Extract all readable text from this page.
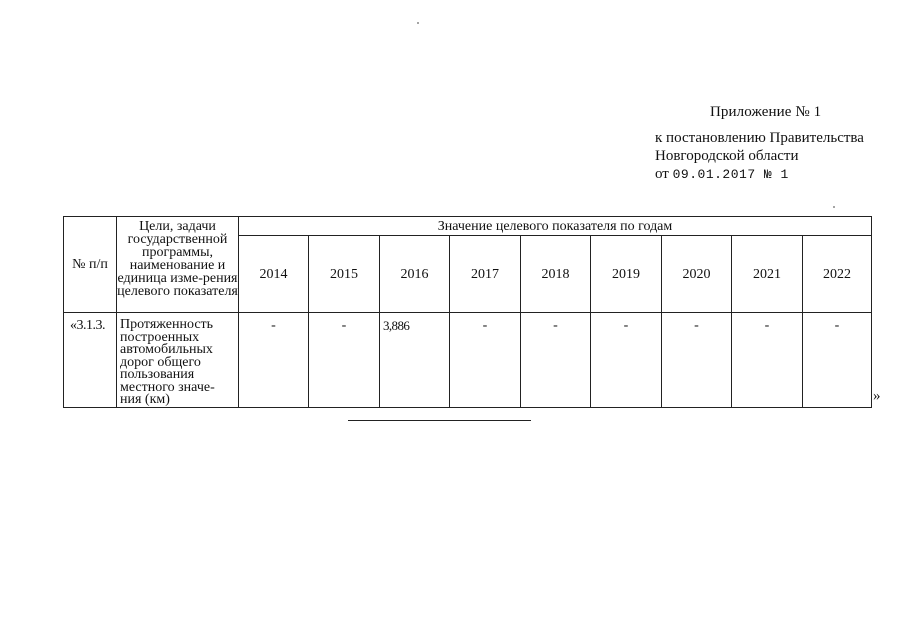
Приложение № 1
к постановлению Правительства
Новгородской области
от 09.01.2017 № 1
№ п/п	Цели, задачи государственной программы, наименование и единица изме-рения целевого показателя	Значение целевого показателя по годам								
		2014	2015	2016	2017	2018	2019	2020	2021	2022
«3.1.3.	Протяженность построенных автомобильных дорог общего пользования местного значе-ния (км)	-	-	3,886	-	-	-	-	-	-
»
